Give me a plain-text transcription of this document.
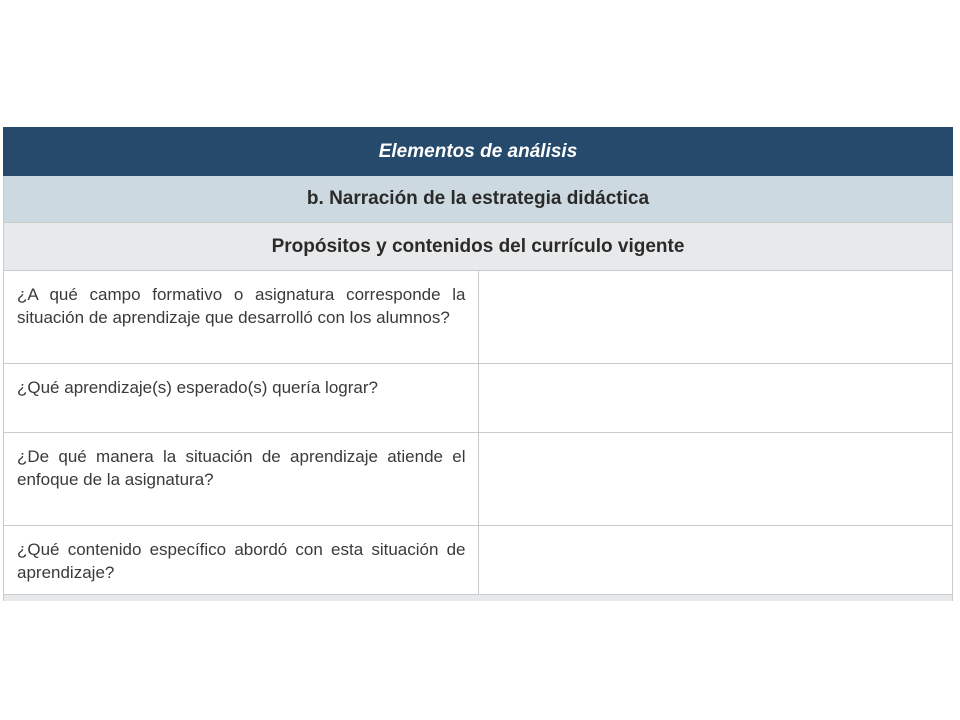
Elementos de análisis	
b. Narración de la estrategia didáctica	
Propósitos y contenidos del currículo vigente	
¿A qué campo formativo o asignatura corresponde la situación de aprendizaje que desarrolló con los alumnos?	
¿Qué aprendizaje(s) esperado(s) quería lograr?	
¿De qué manera la situación de aprendizaje atiende el enfoque de la asignatura?	
¿Qué contenido específico abordó con esta situación de aprendizaje?	
